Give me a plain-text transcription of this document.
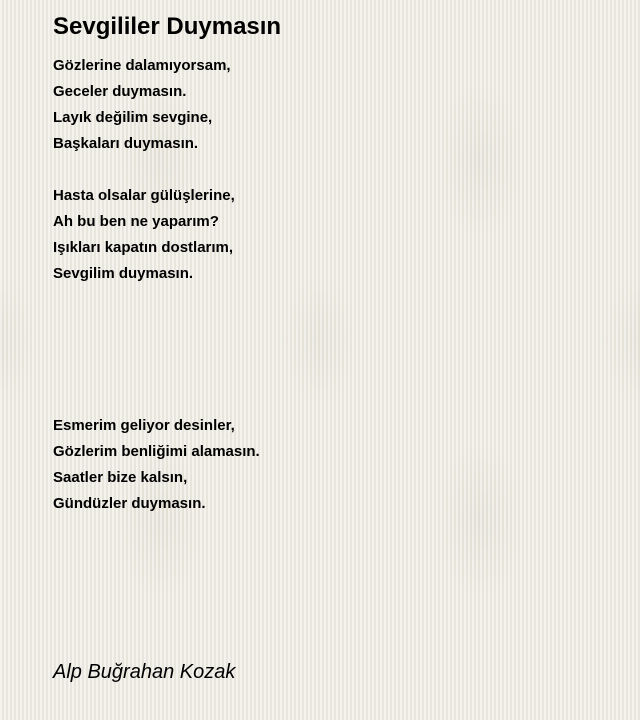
Sevgililer Duymasın
Gözlerine dalamıyorsam,
Geceler duymasın.
Layık değilim sevgine,
Başkaları duymasın.
Hasta olsalar gülüşlerine,
Ah bu ben ne yaparım?
Işıkları kapatın dostlarım,
Sevgilim duymasın.
Esmerim geliyor desinler,
Gözlerim benliğimi alamasın.
Saatler bize kalsın,
Gündüzler duymasın.

Alp Buğrahan Kozak
